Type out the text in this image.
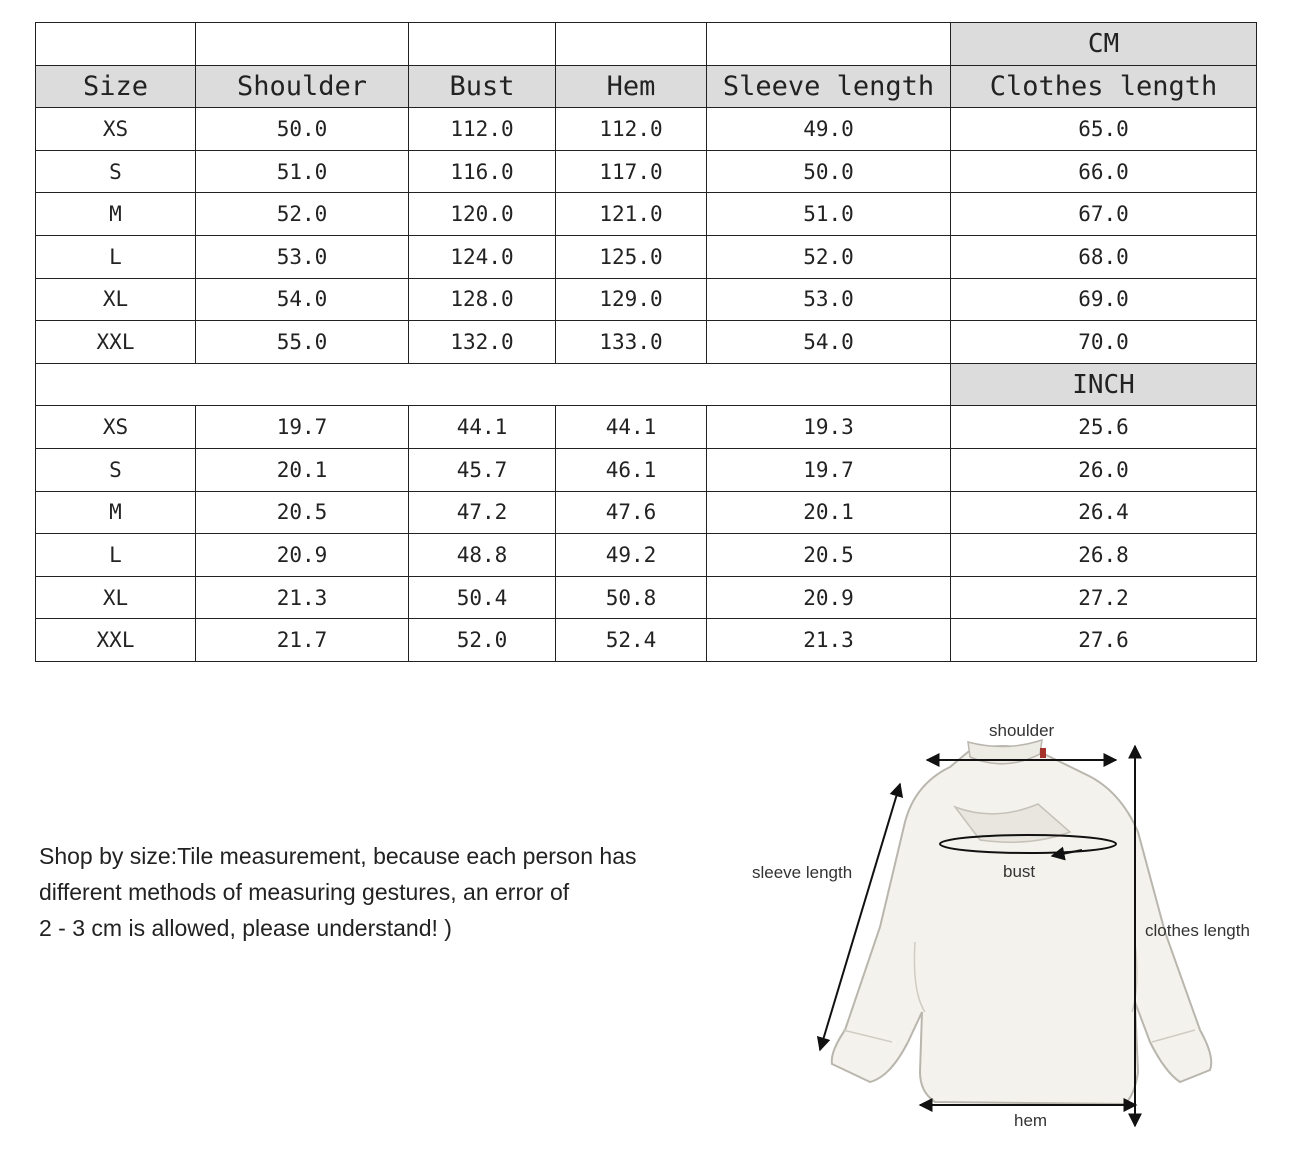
					CM
Size	Shoulder	Bust	Hem	Sleeve length	Clothes length
XS	50.0	112.0	112.0	49.0	65.0
S	51.0	116.0	117.0	50.0	66.0
M	52.0	120.0	121.0	51.0	67.0
L	53.0	124.0	125.0	52.0	68.0
XL	54.0	128.0	129.0	53.0	69.0
XXL	55.0	132.0	133.0	54.0	70.0
					INCH
XS	19.7	44.1	44.1	19.3	25.6
S	20.1	45.7	46.1	19.7	26.0
M	20.5	47.2	47.6	20.1	26.4
L	20.9	48.8	49.2	20.5	26.8
XL	21.3	50.4	50.8	20.9	27.2
XXL	21.7	52.0	52.4	21.3	27.6
Shop by size:Tile measurement, because each person has
different methods of measuring gestures, an error of
2 - 3 cm is allowed, please understand! )
shoulder
bust
sleeve length
clothes length
hem
